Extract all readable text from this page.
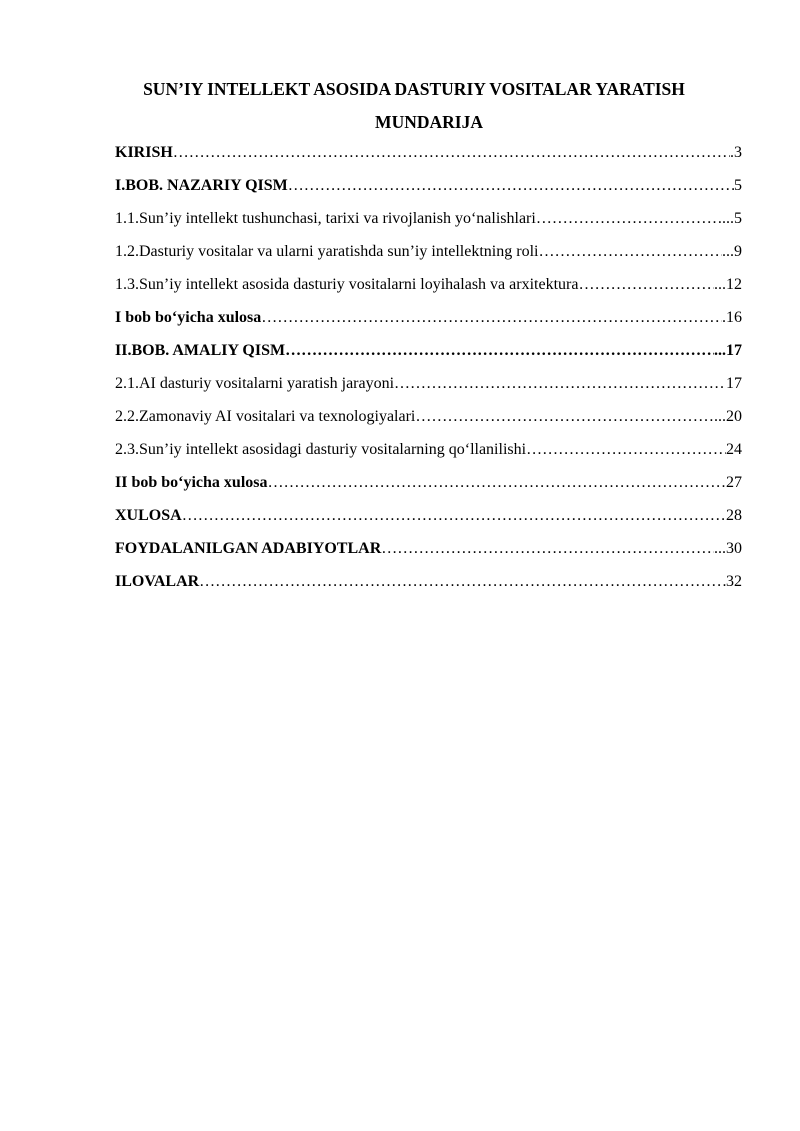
SUN’IY INTELLEKT ASOSIDA DASTURIY VOSITALAR YARATISH
MUNDARIJA
KIRISH ……………………………………………………………………………………………………………………………………………………………………………	.3
I.BOB. NAZARIY QISM ……………………………………………………………………………………………………………………………………………………………………………	5
1.1.Sun’iy intellekt tushunchasi, tarixi va rivojlanish yo‘nalishlari ……………………………………………………………………………………………………………………………………………………………………………	...5
1.2.Dasturiy vositalar va ularni yaratishda sun’iy intellektning roli ……………………………………………………………………………………………………………………………………………………………………………	...9
1.3.Sun’iy intellekt asosida dasturiy vositalarni loyihalash va arxitektura ……………………………………………………………………………………………………………………………………………………………………………	...12
I bob bo‘yicha xulosa ……………………………………………………………………………………………………………………………………………………………………………	.16
II.BOB. AMALIY QISM ……………………………………………………………………………………………………………………………………………………………………………	...17
2.1.AI dasturiy vositalarni yaratish jarayoni ……………………………………………………………………………………………………………………………………………………………………………	17
2.2.Zamonaviy AI vositalari va texnologiyalari ……………………………………………………………………………………………………………………………………………………………………………	...20
2.3.Sun’iy intellekt asosidagi dasturiy vositalarning qo‘llanilishi ……………………………………………………………………………………………………………………………………………………………………………	24
II bob bo‘yicha xulosa ……………………………………………………………………………………………………………………………………………………………………………	27
XULOSA ……………………………………………………………………………………………………………………………………………………………………………	28
FOYDALANILGAN ADABIYOTLAR ……………………………………………………………………………………………………………………………………………………………………………	...30
ILOVALAR ……………………………………………………………………………………………………………………………………………………………………………	32
